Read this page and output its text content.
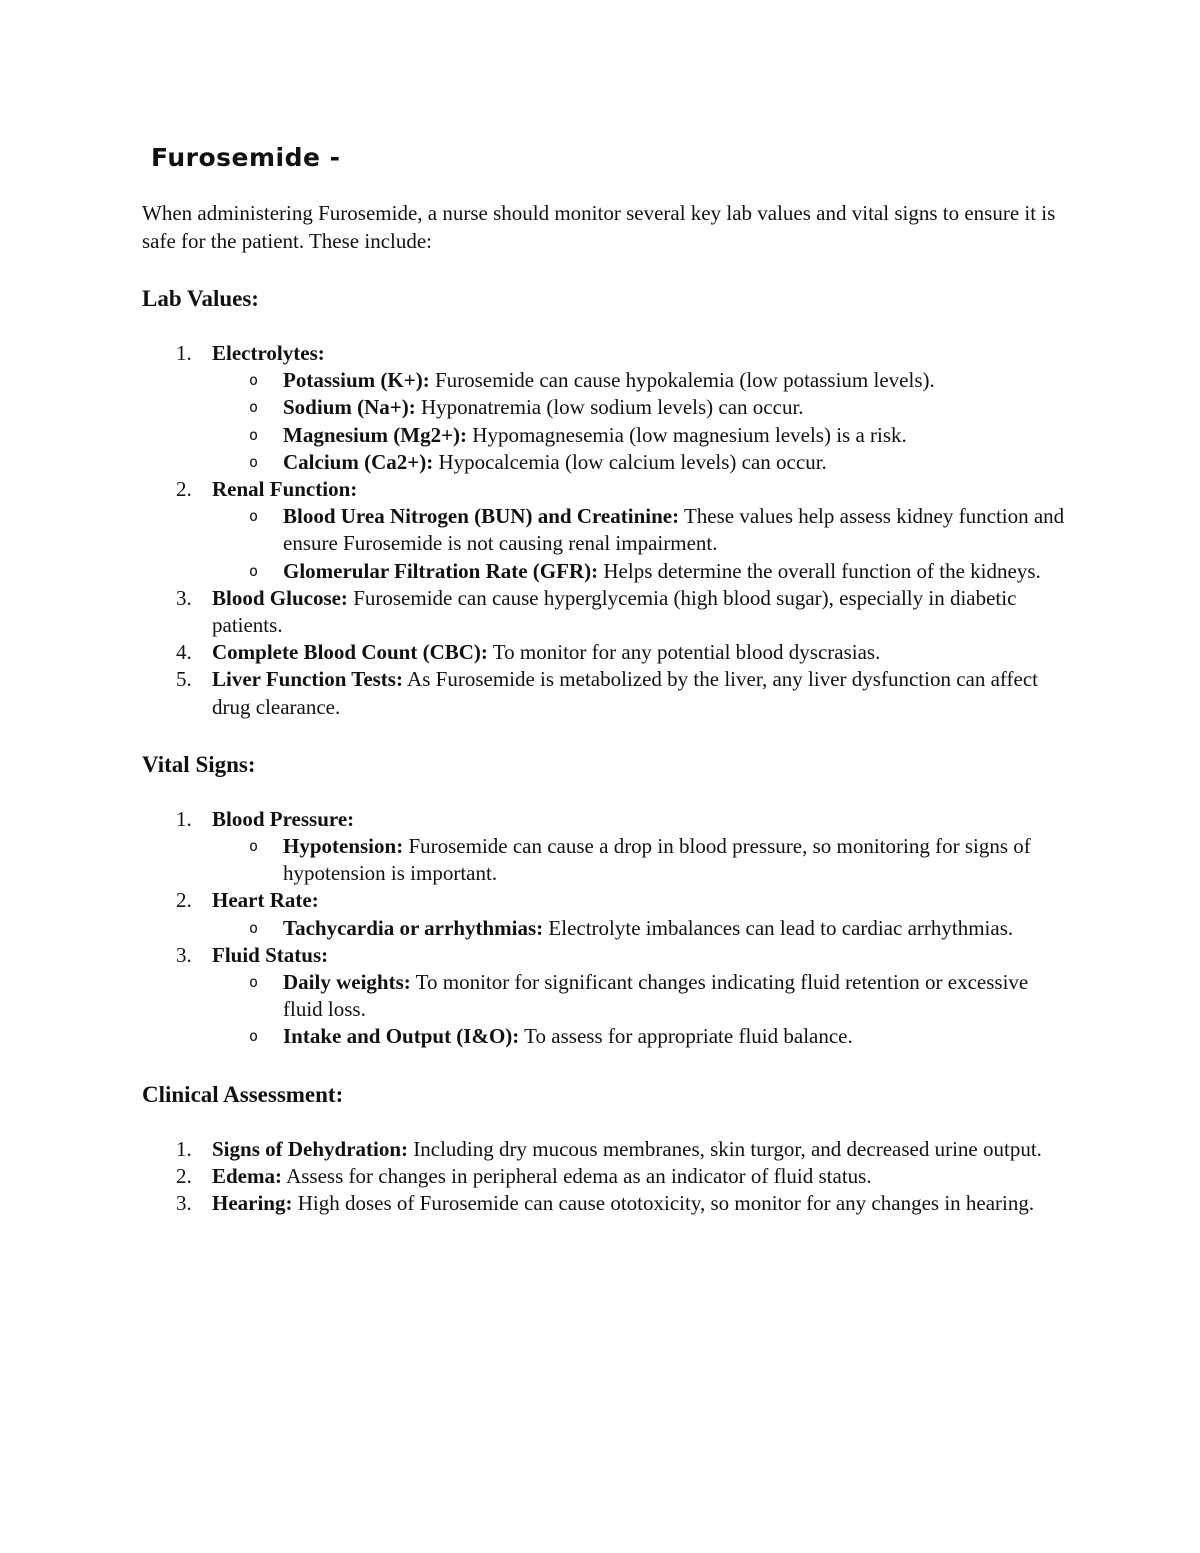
Furosemide -

When administering Furosemide, a nurse should monitor several key lab values and vital signs to ensure it is safe for the patient. These include:

Lab Values:
1. Electrolytes:
o	Potassium (K+): Furosemide can cause hypokalemia (low potassium levels).
o	Sodium (Na+): Hyponatremia (low sodium levels) can occur.
o	Magnesium (Mg2+): Hypomagnesemia (low magnesium levels) is a risk.
o	Calcium (Ca2+): Hypocalcemia (low calcium levels) can occur.
2. Renal Function:
o	Blood Urea Nitrogen (BUN) and Creatinine: These values help assess kidney function and ensure Furosemide is not causing renal impairment.
o	Glomerular Filtration Rate (GFR): Helps determine the overall function of the kidneys.
3. Blood Glucose: Furosemide can cause hyperglycemia (high blood sugar), especially in diabetic patients.
4. Complete Blood Count (CBC): To monitor for any potential blood dyscrasias.
5. Liver Function Tests: As Furosemide is metabolized by the liver, any liver dysfunction can affect drug clearance.
Vital Signs:
1. Blood Pressure:
o	Hypotension: Furosemide can cause a drop in blood pressure, so monitoring for signs of hypotension is important.
2. Heart Rate:
o	Tachycardia or arrhythmias: Electrolyte imbalances can lead to cardiac arrhythmias.
3. Fluid Status:
o	Daily weights: To monitor for significant changes indicating fluid retention or excessive fluid loss.
o	Intake and Output (I&O): To assess for appropriate fluid balance.
Clinical Assessment:
1. Signs of Dehydration: Including dry mucous membranes, skin turgor, and decreased urine output.
2. Edema: Assess for changes in peripheral edema as an indicator of fluid status.
3. Hearing: High doses of Furosemide can cause ototoxicity, so monitor for any changes in hearing.
